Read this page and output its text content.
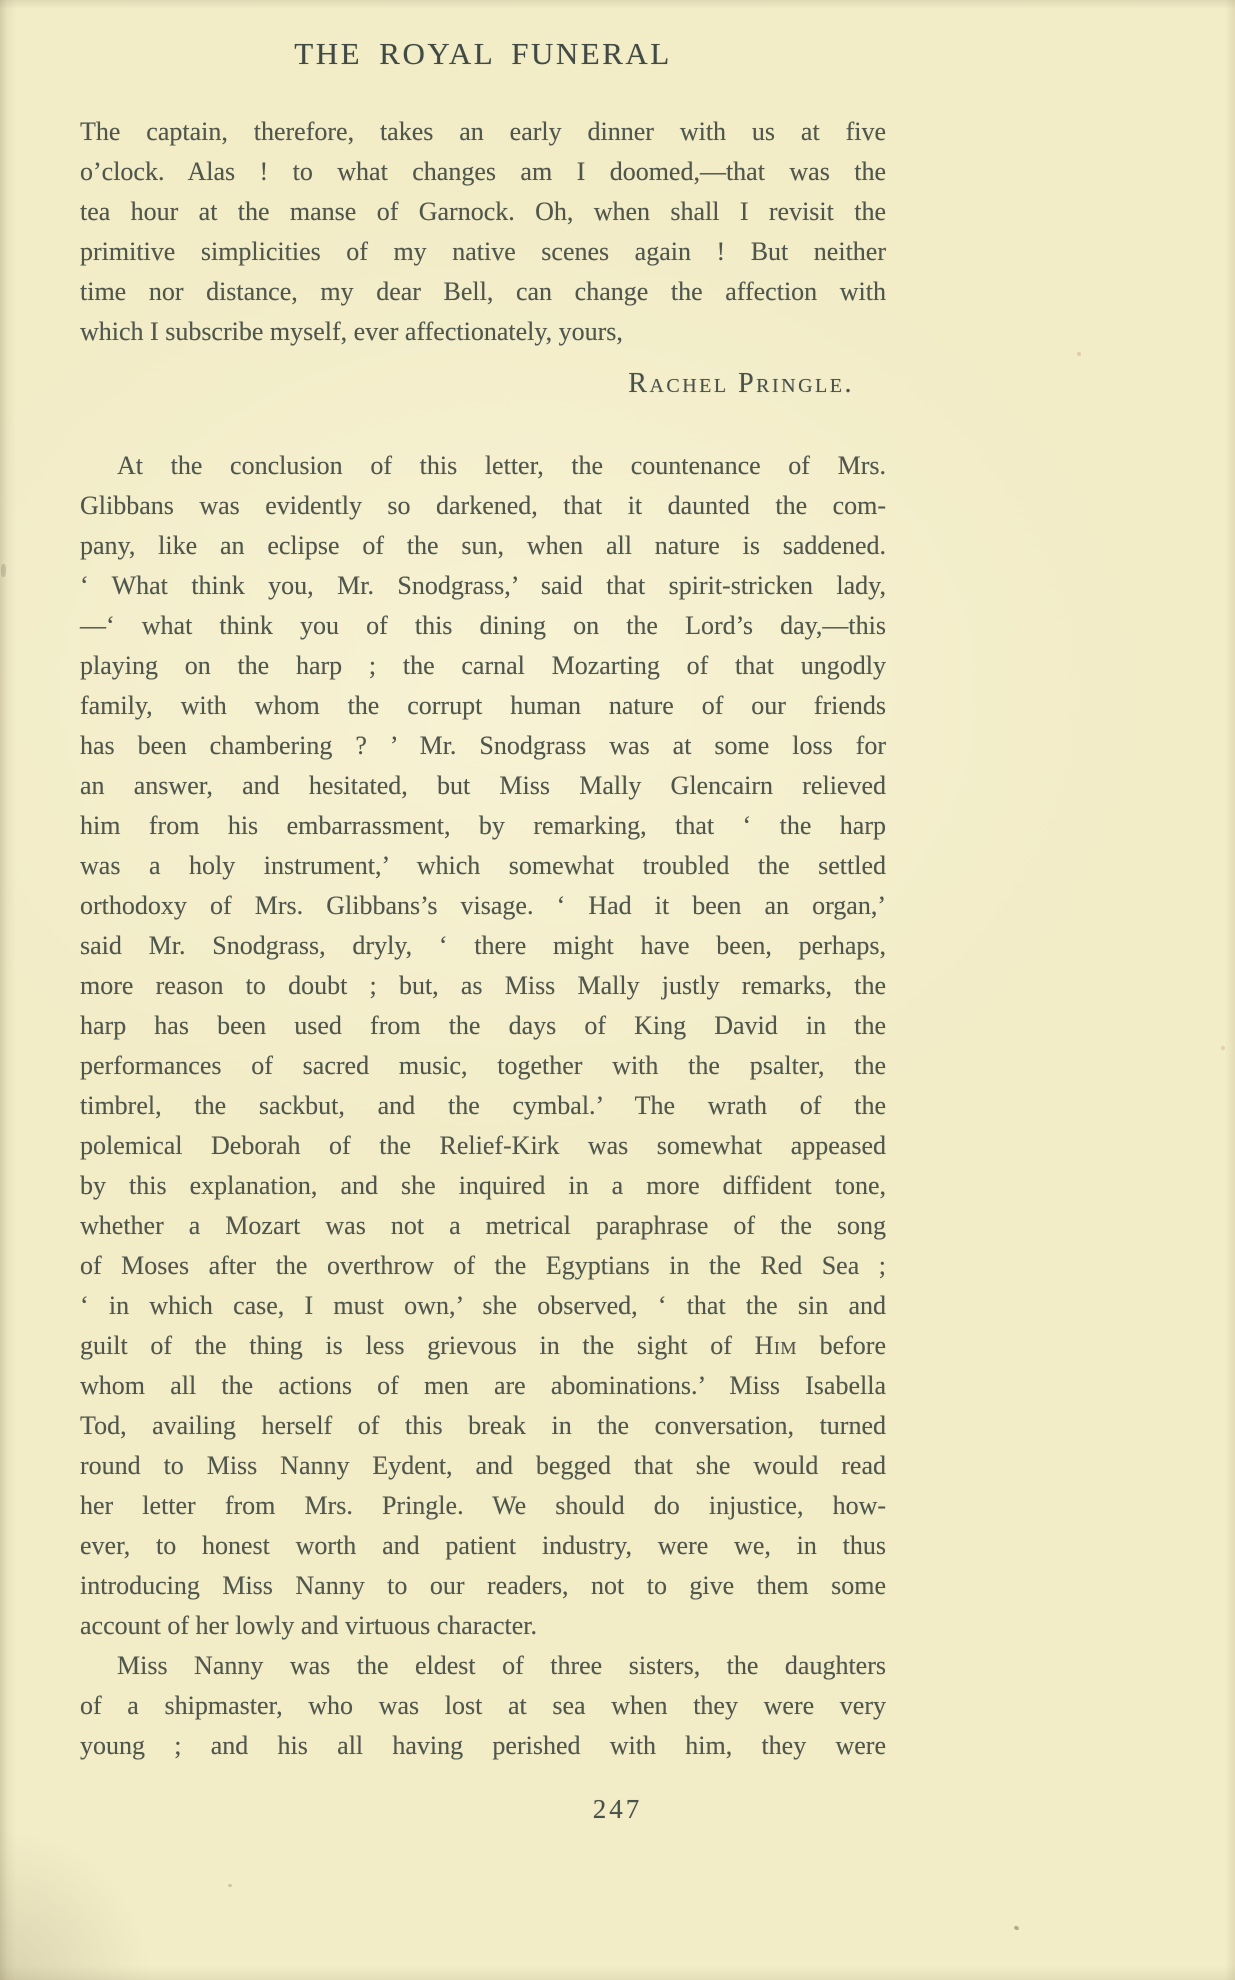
THE ROYAL FUNERAL
The captain, therefore, takes an early dinner with us at five
o’clock. Alas ! to what changes am I doomed,—that was the
tea hour at the manse of Garnock. Oh, when shall I revisit the
primitive simplicities of my native scenes again ! But neither
time nor distance, my dear Bell, can change the affection with
which I subscribe myself, ever affectionately, yours,
Rachel Pringle.
At the conclusion of this letter, the countenance of Mrs.
Glibbans was evidently so darkened, that it daunted the com-
pany, like an eclipse of the sun, when all nature is saddened.
‘ What think you, Mr. Snodgrass,’ said that spirit-stricken lady,
—‘ what think you of this dining on the Lord’s day,—this
playing on the harp ; the carnal Mozarting of that ungodly
family, with whom the corrupt human nature of our friends
has been chambering ? ’ Mr. Snodgrass was at some loss for
an answer, and hesitated, but Miss Mally Glencairn relieved
him from his embarrassment, by remarking, that ‘ the harp
was a holy instrument,’ which somewhat troubled the settled
orthodoxy of Mrs. Glibbans’s visage. ‘ Had it been an organ,’
said Mr. Snodgrass, dryly, ‘ there might have been, perhaps,
more reason to doubt ; but, as Miss Mally justly remarks, the
harp has been used from the days of King David in the
performances of sacred music, together with the psalter, the
timbrel, the sackbut, and the cymbal.’ The wrath of the
polemical Deborah of the Relief-Kirk was somewhat appeased
by this explanation, and she inquired in a more diffident tone,
whether a Mozart was not a metrical paraphrase of the song
of Moses after the overthrow of the Egyptians in the Red Sea ;
‘ in which case, I must own,’ she observed, ‘ that the sin and
guilt of the thing is less grievous in the sight of Him before
whom all the actions of men are abominations.’ Miss Isabella
Tod, availing herself of this break in the conversation, turned
round to Miss Nanny Eydent, and begged that she would read
her letter from Mrs. Pringle. We should do injustice, how-
ever, to honest worth and patient industry, were we, in thus
introducing Miss Nanny to our readers, not to give them some
account of her lowly and virtuous character.
Miss Nanny was the eldest of three sisters, the daughters
of a shipmaster, who was lost at sea when they were very
young ; and his all having perished with him, they were
247
